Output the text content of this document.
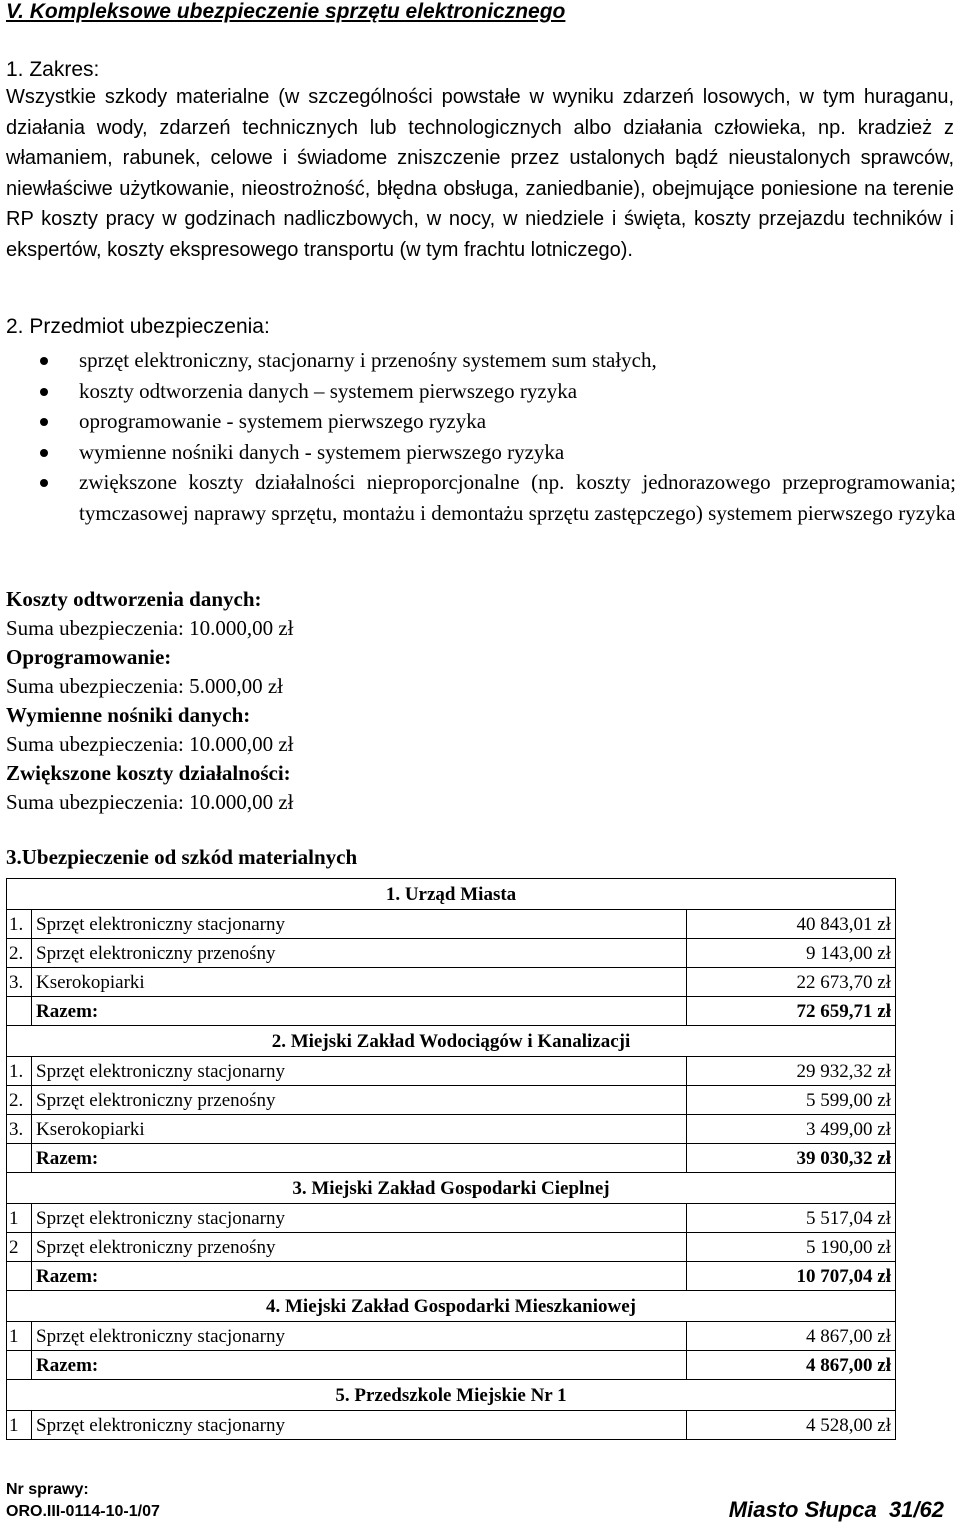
V. Kompleksowe ubezpieczenie sprzętu elektronicznego
1. Zakres:
Wszystkie szkody materialne (w szczególności powstałe w wyniku zdarzeń losowych, w tym huraganu, działania wody, zdarzeń technicznych lub technologicznych albo działania człowieka, np. kradzież z włamaniem, rabunek, celowe i świadome zniszczenie przez ustalonych bądź nieustalonych sprawców, niewłaściwe użytkowanie, nieostrożność, błędna obsługa, zaniedbanie), obejmujące poniesione na terenie RP koszty pracy w godzinach nadliczbowych, w nocy, w niedziele i święta, koszty przejazdu techników i ekspertów, koszty ekspresowego transportu (w tym frachtu lotniczego).
2. Przedmiot ubezpieczenia:
sprzęt elektroniczny, stacjonarny i przenośny systemem sum stałych,
koszty odtworzenia danych – systemem pierwszego ryzyka
oprogramowanie - systemem pierwszego ryzyka
wymienne nośniki danych - systemem pierwszego ryzyka
zwiększone koszty działalności nieproporcjonalne (np. koszty jednorazowego przeprogramowania; tymczasowej naprawy sprzętu, montażu i demontażu sprzętu zastępczego) systemem pierwszego ryzyka
Koszty odtworzenia danych:
Suma ubezpieczenia: 10.000,00 zł
Oprogramowanie:
Suma ubezpieczenia: 5.000,00 zł
Wymienne nośniki danych:
Suma ubezpieczenia: 10.000,00 zł
Zwiększone koszty działalności:
Suma ubezpieczenia: 10.000,00 zł
3.Ubezpieczenie od szkód materialnych
1. Urząd Miasta		
1.	Sprzęt elektroniczny stacjonarny	40 843,01 zł
2.	Sprzęt elektroniczny przenośny	9 143,00 zł
3.	Kserokopiarki	22 673,70 zł
	Razem:	72 659,71 zł
2. Miejski Zakład Wodociągów i Kanalizacji		
1.	Sprzęt elektroniczny stacjonarny	29 932,32 zł
2.	Sprzęt elektroniczny przenośny	5 599,00 zł
3.	Kserokopiarki	3 499,00 zł
	Razem:	39 030,32 zł
3. Miejski Zakład Gospodarki Cieplnej		
1	Sprzęt elektroniczny stacjonarny	5 517,04 zł
2	Sprzęt elektroniczny przenośny	5 190,00 zł
	Razem:	10 707,04 zł
4. Miejski Zakład Gospodarki Mieszkaniowej		
1	Sprzęt elektroniczny stacjonarny	4 867,00 zł
	Razem:	4 867,00 zł
5. Przedszkole Miejskie Nr 1		
1	Sprzęt elektroniczny stacjonarny	4 528,00 zł
Nr sprawy:
ORO.III-0114-10-1/07	Miasto Słupca 31/62
